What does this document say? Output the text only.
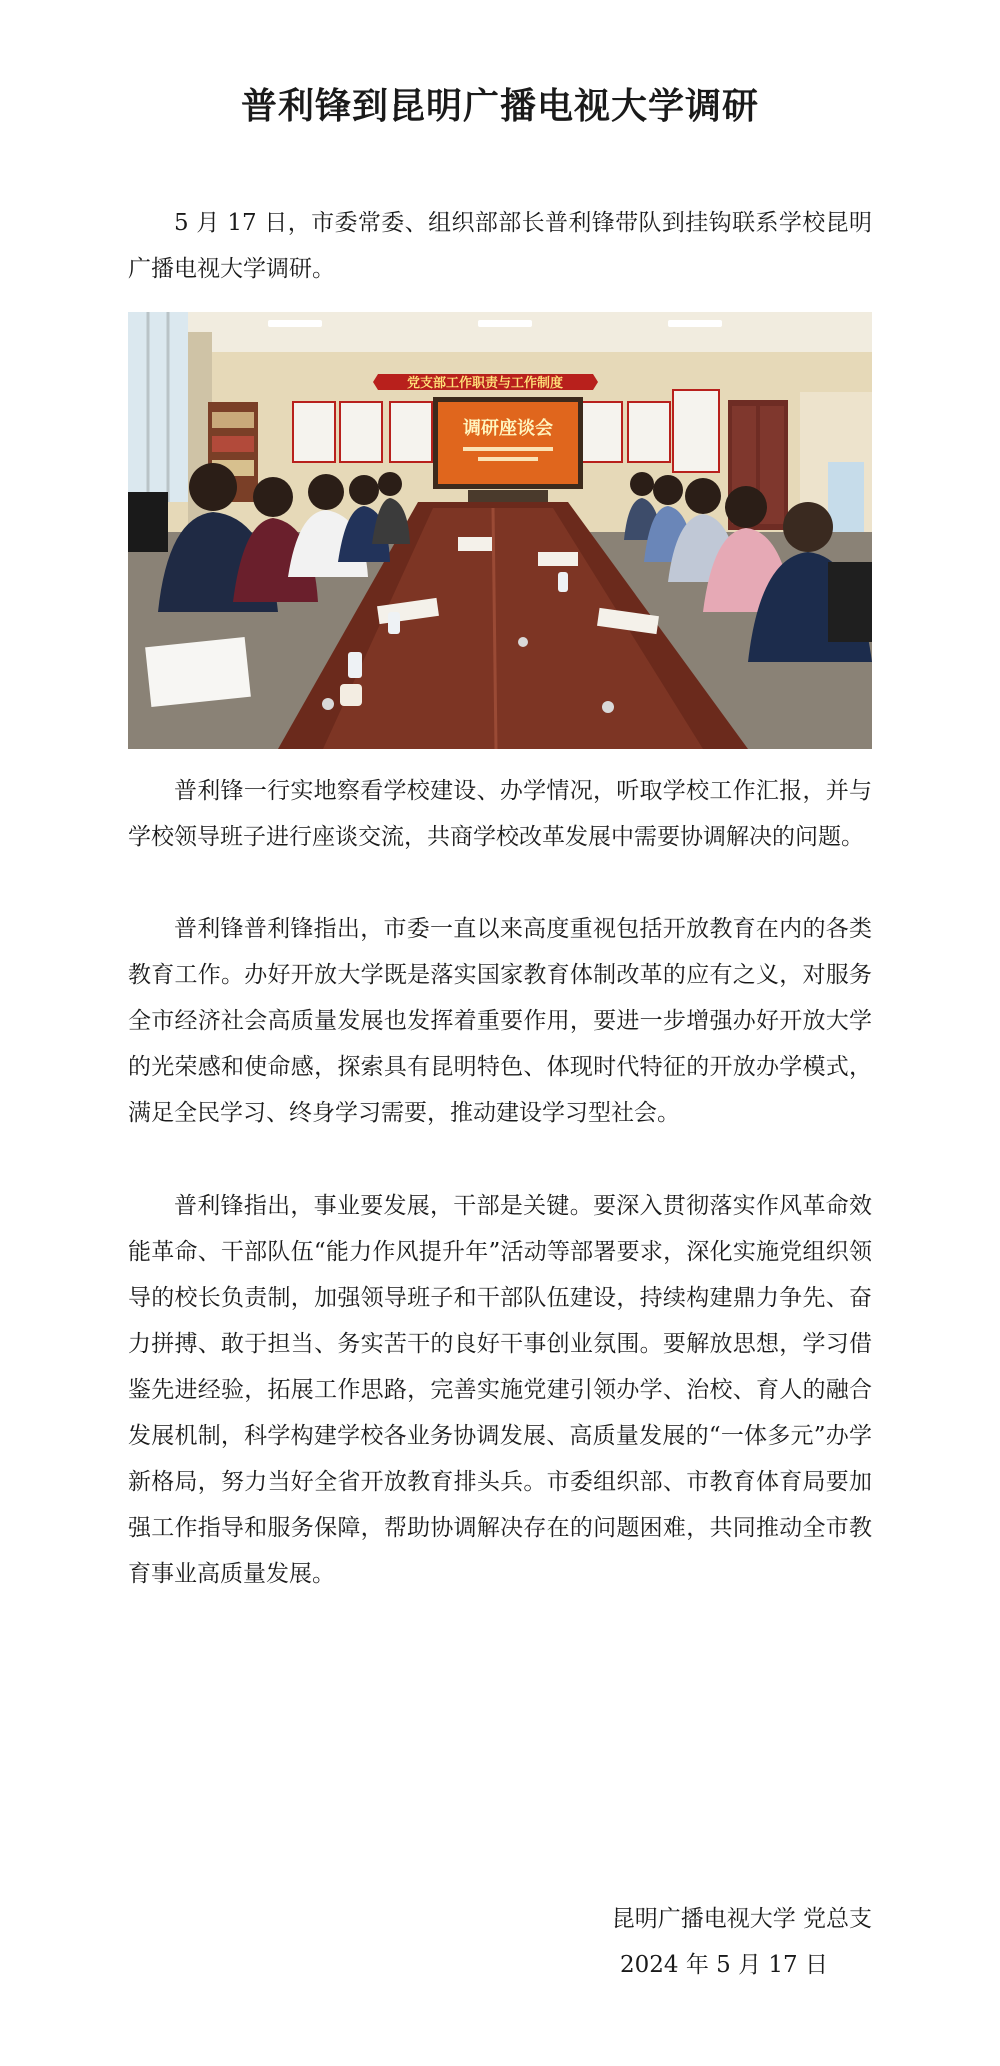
普利锋到昆明广播电视大学调研

5 月 17 日，市委常委、组织部部长普利锋带队到挂钩联系学校昆明广播电视大学调研。

党支部工作职责与工作制度
调研座谈会

普利锋一行实地察看学校建设、办学情况，听取学校工作汇报，并与学校领导班子进行座谈交流，共商学校改革发展中需要协调解决的问题。

普利锋普利锋指出，市委一直以来高度重视包括开放教育在内的各类教育工作。办好开放大学既是落实国家教育体制改革的应有之义，对服务全市经济社会高质量发展也发挥着重要作用，要进一步增强办好开放大学的光荣感和使命感，探索具有昆明特色、体现时代特征的开放办学模式，满足全民学习、终身学习需要，推动建设学习型社会。

普利锋指出，事业要发展，干部是关键。要深入贯彻落实作风革命效能革命、干部队伍“能力作风提升年”活动等部署要求，深化实施党组织领导的校长负责制，加强领导班子和干部队伍建设，持续构建鼎力争先、奋力拼搏、敢于担当、务实苦干的良好干事创业氛围。要解放思想，学习借鉴先进经验，拓展工作思路，完善实施党建引领办学、治校、育人的融合发展机制，科学构建学校各业务协调发展、高质量发展的“一体多元”办学新格局，努力当好全省开放教育排头兵。市委组织部、市教育体育局要加强工作指导和服务保障，帮助协调解决存在的问题困难，共同推动全市教育事业高质量发展。

昆明广播电视大学 党总支
2024 年 5 月 17 日
